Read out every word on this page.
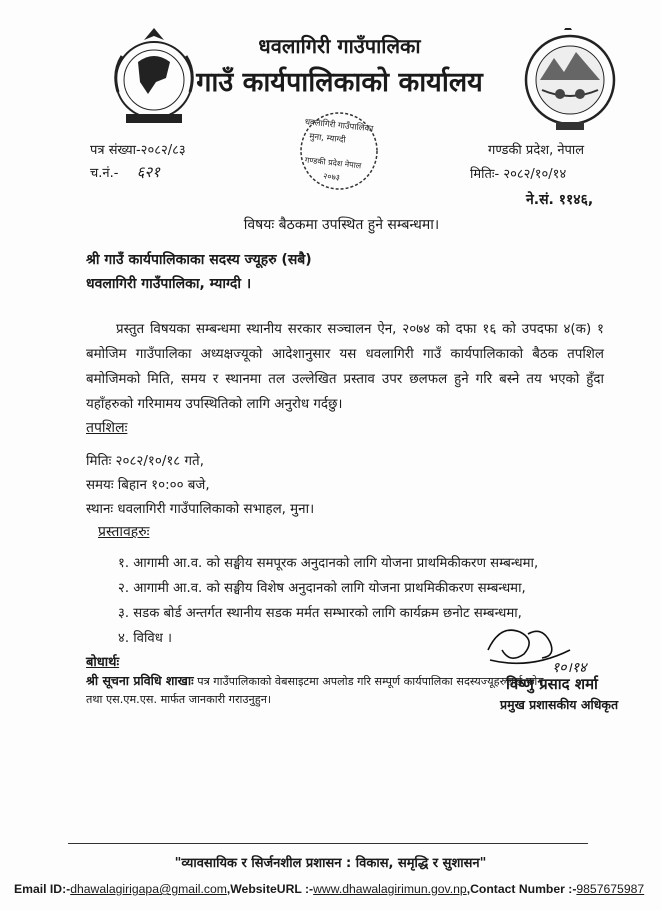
धवलागिरी गाउँपालिका
गाउँ कार्यपालिकाको कार्यालय
पत्र संख्या-२०८२/८३
च.नं.- ६२१
गण्डकी प्रदेश, नेपाल
मितिः- २०८२/१०/१४
ने.सं. ११४६,
धवलागिरी गाउँपालिका
मुना, म्याग्दी
गण्डकी प्रदेश नेपाल
२०७३
विषयः बैठकमा उपस्थित हुने सम्बन्धमा।
श्री गाउँ कार्यपालिकाका सदस्य ज्यूहरु (सबै)
धवलागिरी गाउँपालिका, म्याग्दी ।
प्रस्तुत विषयका सम्बन्धमा स्थानीय सरकार सञ्चालन ऐन, २०७४ को दफा १६ को उपदफा ४(क) १ बमोजिम गाउँपालिका अध्यक्षज्यूको आदेशानुसार यस धवलागिरी गाउँ कार्यपालिकाको बैठक तपशिल बमोजिमको मिति, समय र स्थानमा तल उल्लेखित प्रस्ताव उपर छलफल हुने गरि बस्ने तय भएको हुँदा यहाँहरुको गरिमामय उपस्थितिको लागि अनुरोध गर्दछु।
तपशिलः
मितिः २०८२/१०/१८ गते,
समयः बिहान १०:०० बजे,
स्थानः धवलागिरी गाउँपालिकाको सभाहल, मुना।
प्रस्तावहरुः
१. आगामी आ.व. को सङ्घीय समपूरक अनुदानको लागि योजना प्राथमिकीकरण सम्बन्धमा,
२. आगामी आ.व. को सङ्घीय विशेष अनुदानको लागि योजना प्राथमिकीकरण सम्बन्धमा,
३. सडक बोर्ड अन्तर्गत स्थानीय सडक मर्मत सम्भारको लागि कार्यक्रम छनोट सम्बन्धमा,
४. विविध ।
१०।१४
बोधार्थः
श्री सूचना प्रविधि शाखाः पत्र गाउँपालिकाको वेबसाइटमा अपलोड गरि सम्पूर्ण कार्यपालिका सदस्यज्यूहरुलाई फोन
तथा एस.एम.एस. मार्फत जानकारी गराउनुहुन।
विष्णु प्रसाद शर्मा
प्रमुख प्रशासकीय अधिकृत
"व्यावसायिक र सिर्जनशील प्रशासन : विकास, समृद्धि र सुशासन"
Email ID:-dhawalagirigapa@gmail.com,WebsiteURL :-www.dhawalagirimun.gov.np,Contact Number :-9857675987
